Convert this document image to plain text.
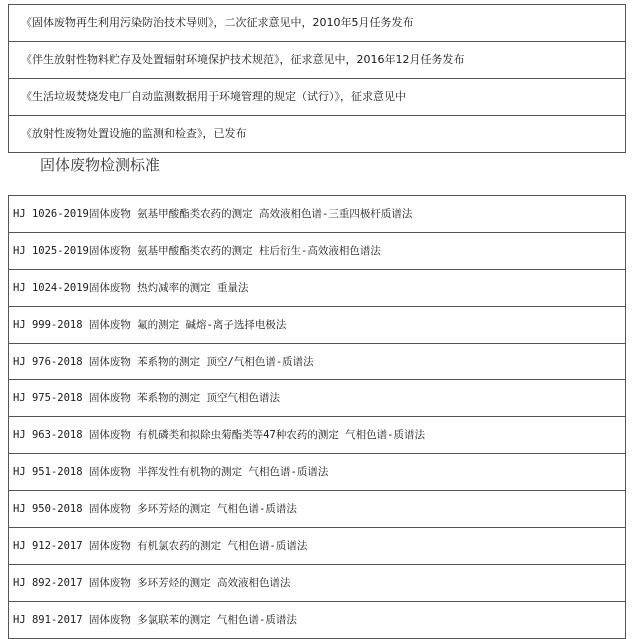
《固体废物再生利用污染防治技术导则》，二次征求意见中，2010年5月任务发布
《伴生放射性物料贮存及处置辐射环境保护技术规范》，征求意见中，2016年12月任务发布
《生活垃圾焚烧发电厂自动监测数据用于环境管理的规定（试行）》，征求意见中
《放射性废物处置设施的监测和检查》，已发布
固体废物检测标准
HJ 1026-2019固体废物 氨基甲酸酯类农药的测定 高效液相色谱-三重四极杆质谱法
HJ 1025-2019固体废物 氨基甲酸酯类农药的测定 柱后衍生-高效液相色谱法
HJ 1024-2019固体废物 热灼减率的测定 重量法
HJ 999-2018 固体废物 氟的测定 碱熔-离子选择电极法
HJ 976-2018 固体废物 苯系物的测定 顶空/气相色谱-质谱法
HJ 975-2018 固体废物 苯系物的测定 顶空气相色谱法
HJ 963-2018 固体废物 有机磷类和拟除虫菊酯类等47种农药的测定 气相色谱-质谱法
HJ 951-2018 固体废物 半挥发性有机物的测定 气相色谱-质谱法
HJ 950-2018 固体废物 多环芳烃的测定 气相色谱-质谱法
HJ 912-2017 固体废物 有机氯农药的测定 气相色谱-质谱法
HJ 892-2017 固体废物 多环芳烃的测定 高效液相色谱法
HJ 891-2017 固体废物 多氯联苯的测定 气相色谱-质谱法
